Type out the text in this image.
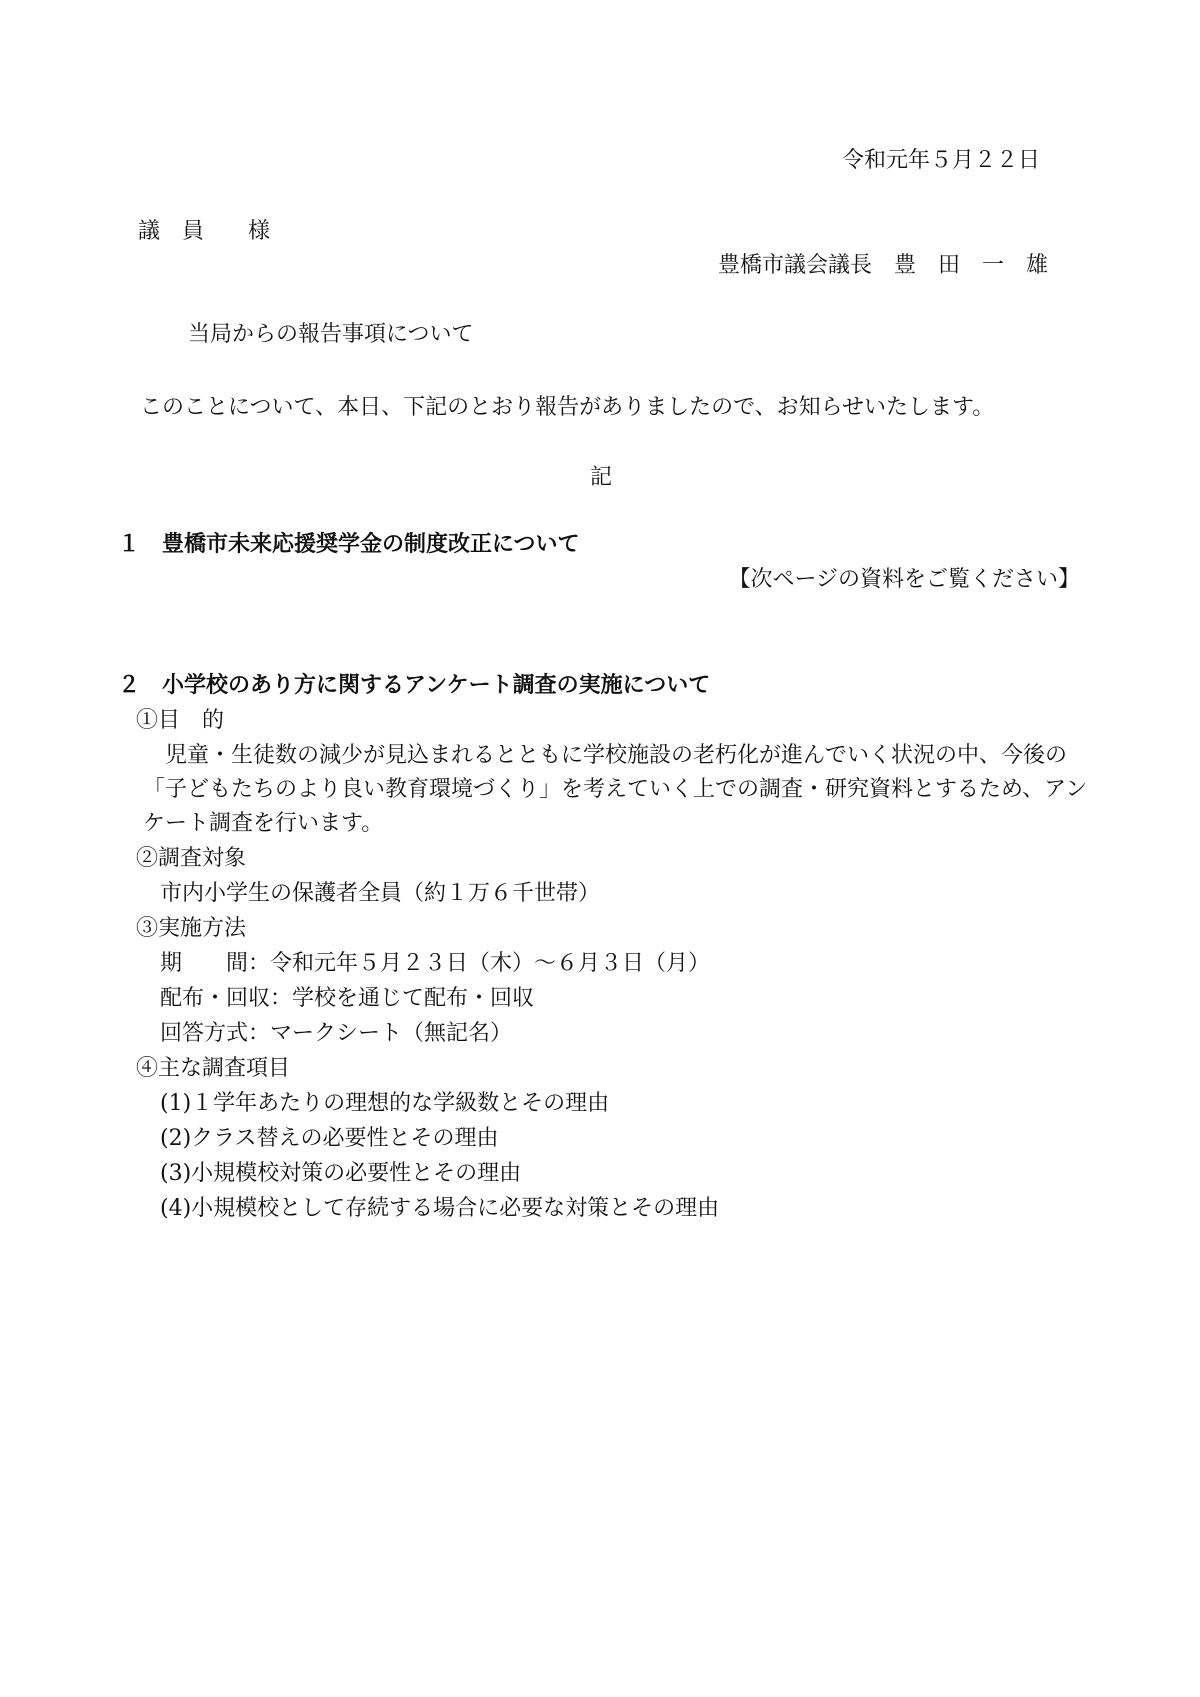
令和元年５月２２日

議　員　　様

豊橋市議会議長　豊　田　一　雄

当局からの報告事項について

このことについて、本日、下記のとおり報告がありましたので、お知らせいたします。

記

１　豊橋市未来応援奨学金の制度改正について

【次ページの資料をご覧ください】

２　小学校のあり方に関するアンケート調査の実施について

①目　的

　児童・生徒数の減少が見込まれるとともに学校施設の老朽化が進んでいく状況の中、今後の

「子どもたちのより良い教育環境づくり」を考えていく上での調査・研究資料とするため、アン

ケート調査を行います。

②調査対象

市内小学生の保護者全員（約１万６千世帯）

③実施方法

期　　間：令和元年５月２３日（木）～６月３日（月）

配布・回収：学校を通じて配布・回収

回答方式：マークシート（無記名）

④主な調査項目

(1)１学年あたりの理想的な学級数とその理由

(2)クラス替えの必要性とその理由

(3)小規模校対策の必要性とその理由

(4)小規模校として存続する場合に必要な対策とその理由
